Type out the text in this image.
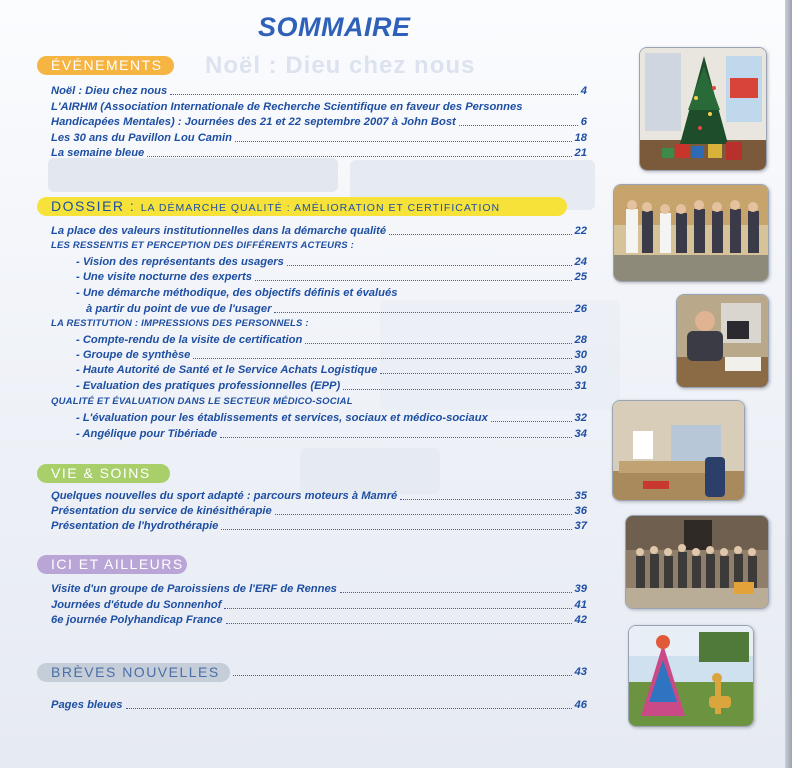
Noël : Dieu chez nous
SOMMAIRE
ÉVÉNEMENTS
Noël : Dieu chez nous	4
L'AIRHM (Association Internationale de Recherche Scientifique en faveur des Personnes
Handicapées Mentales) : Journées des 21 et 22 septembre 2007 à John Bost	6
Les 30 ans du Pavillon Lou Camin	18
La semaine bleue	21
DOSSIER : LA DÉMARCHE QUALITÉ : AMÉLIORATION ET CERTIFICATION
La place des valeurs institutionnelles dans la démarche qualité	22
LES RESSENTIS ET PERCEPTION DES DIFFÉRENTS ACTEURS :
- Vision des représentants des usagers	24
- Une visite nocturne des experts	25
- Une démarche méthodique, des objectifs définis et évalués
à partir du point de vue de l'usager	26
LA RESTITUTION : IMPRESSIONS DES PERSONNELS :
- Compte-rendu de la visite de certification	28
- Groupe de synthèse	30
- Haute Autorité de Santé et le Service Achats Logistique	30
- Evaluation des pratiques professionnelles (EPP)	31
QUALITÉ ET ÉVALUATION DANS LE SECTEUR MÉDICO-SOCIAL
- L'évaluation pour les établissements et services, sociaux et médico-sociaux	32
- Angélique pour Tibériade	34
VIE & SOINS
Quelques nouvelles du sport adapté : parcours moteurs à Mamré	35
Présentation du service de kinésithérapie	36
Présentation de l'hydrothérapie	37
ICI ET AILLEURS
Visite d'un groupe de Paroissiens de l'ERF de Rennes	39
Journées d'étude du Sonnenhof	41
6e journée Polyhandicap France	42
BRÈVES NOUVELLES	43
Pages bleues	46
